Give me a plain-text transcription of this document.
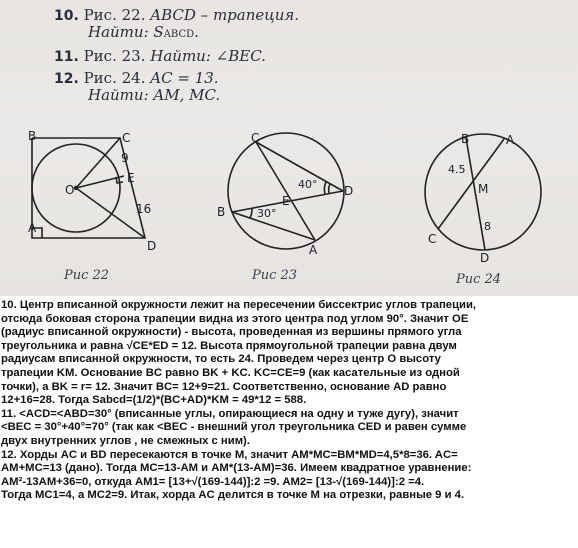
10. Рис. 22. ABCD – трапеция.
Найти: SABCD.
11. Рис. 23. Найти: ∠BEC.
12. Рис. 24. AC = 13.
Найти: AM, MC.
B	C
O
E
A
D
9
16
Рис 22
C
E
B
D
A
40°
30°
Рис 23
B	A
M
C
D
4.5
8
Рис 24

10. Центр вписанной окружности лежит на пересечении биссектрис углов трапеции,

отсюда боковая сторона трапеции видна из этого центра под углом 90°. Значит OE

(радиус вписанной окружности) - высота, проведенная из вершины прямого угла

треугольника и равна √CE*ED = 12. Высота прямоугольной трапеции равна двум

радиусам вписанной окружности, то есть 24. Проведем через центр O высоту

трапеции KM. Основание BC равно BK + KC. KC=CE=9 (как касательные из одной

точки), а BK = r= 12. Значит BC= 12+9=21. Соответственно, основание AD равно

12+16=28. Тогда Sabcd=(1/2)*(BC+AD)*KM = 49*12 = 588.

11. <ACD=<ABD=30° (вписанные углы, опирающиеся на одну и туже дугу), значит

<BEC = 30°+40°=70° (так как <BEC - внешний угол треугольника CED и равен сумме

двух внутренних углов , не смежных с ним).

12. Хорды AC и BD пересекаются в точке M, значит AM*MC=BM*MD=4,5*8=36. AC=

AM+MC=13 (дано). Тогда MC=13-AM и AM*(13-AM)=36. Имеем квадратное уравнение:

AM²-13AM+36=0, откуда AM1= [13+√(169-144)]:2 =9. AM2= [13-√(169-144)]:2 =4.

Тогда MC1=4, а MC2=9. Итак, хорда AC делится в точке M на отрезки, равные 9 и 4.
